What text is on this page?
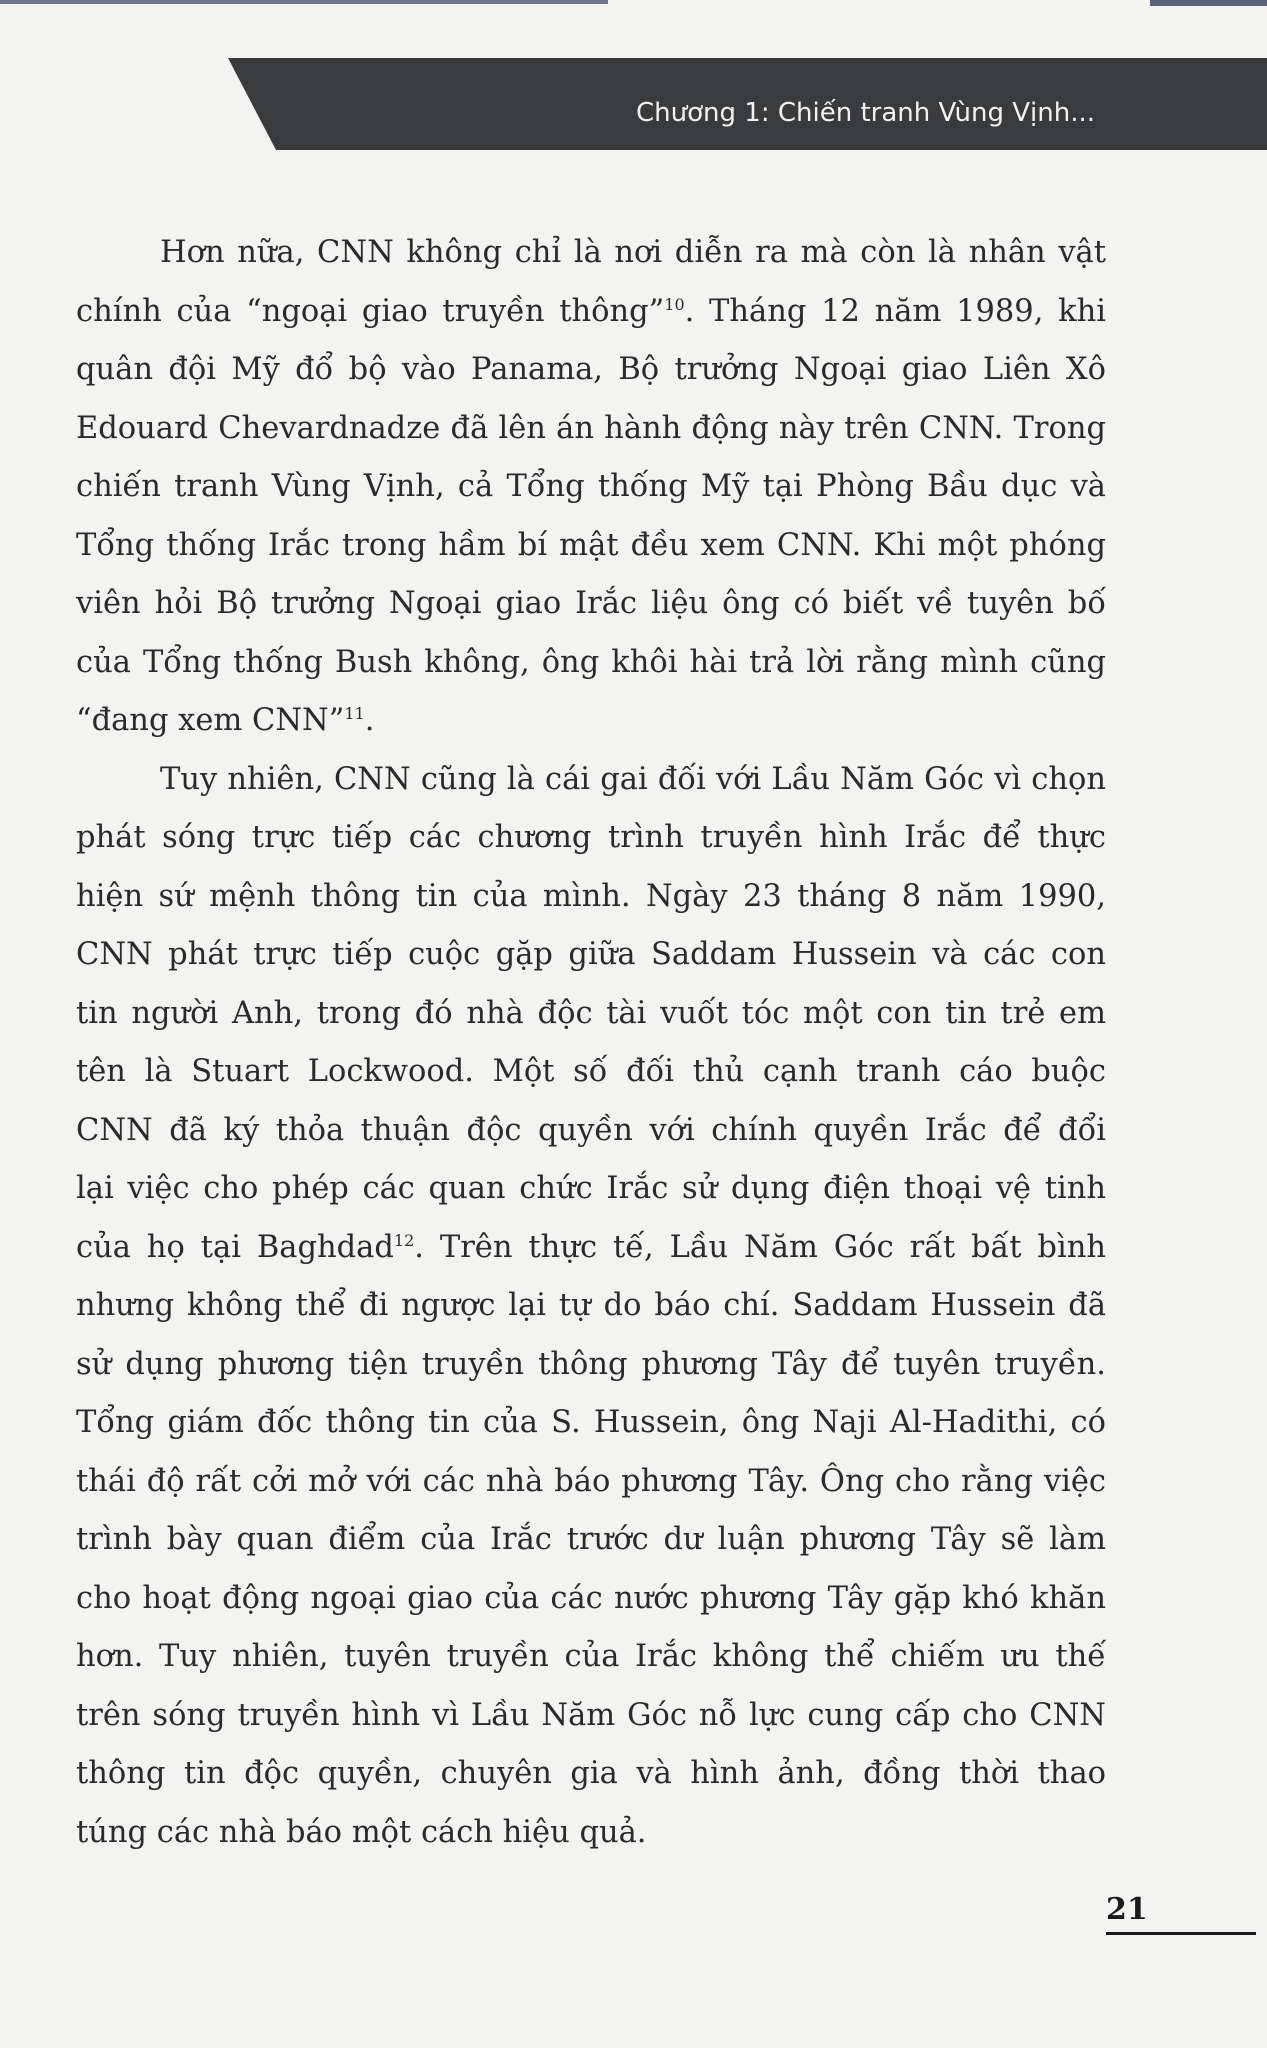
Chương 1: Chiến tranh Vùng Vịnh...
Hơn nữa, CNN không chỉ là nơi diễn ra mà còn là nhân vật
chính của “ngoại giao truyền thông”$^{10}$. Tháng 12 năm 1989, khi
quân đội Mỹ đổ bộ vào Panama, Bộ trưởng Ngoại giao Liên Xô
Edouard Chevardnadze đã lên án hành động này trên CNN. Trong
chiến tranh Vùng Vịnh, cả Tổng thống Mỹ tại Phòng Bầu dục và
Tổng thống Irắc trong hầm bí mật đều xem CNN. Khi một phóng
viên hỏi Bộ trưởng Ngoại giao Irắc liệu ông có biết về tuyên bố
của Tổng thống Bush không, ông khôi hài trả lời rằng mình cũng
“đang xem CNN”$^{11}$.
Tuy nhiên, CNN cũng là cái gai đối với Lầu Năm Góc vì chọn
phát sóng trực tiếp các chương trình truyền hình Irắc để thực
hiện sứ mệnh thông tin của mình. Ngày 23 tháng 8 năm 1990,
CNN phát trực tiếp cuộc gặp giữa Saddam Hussein và các con
tin người Anh, trong đó nhà độc tài vuốt tóc một con tin trẻ em
tên là Stuart Lockwood. Một số đối thủ cạnh tranh cáo buộc
CNN đã ký thỏa thuận độc quyền với chính quyền Irắc để đổi
lại việc cho phép các quan chức Irắc sử dụng điện thoại vệ tinh
của họ tại Baghdad$^{12}$. Trên thực tế, Lầu Năm Góc rất bất bình
nhưng không thể đi ngược lại tự do báo chí. Saddam Hussein đã
sử dụng phương tiện truyền thông phương Tây để tuyên truyền.
Tổng giám đốc thông tin của S. Hussein, ông Naji Al-Hadithi, có
thái độ rất cởi mở với các nhà báo phương Tây. Ông cho rằng việc
trình bày quan điểm của Irắc trước dư luận phương Tây sẽ làm
cho hoạt động ngoại giao của các nước phương Tây gặp khó khăn
hơn. Tuy nhiên, tuyên truyền của Irắc không thể chiếm ưu thế
trên sóng truyền hình vì Lầu Năm Góc nỗ lực cung cấp cho CNN
thông tin độc quyền, chuyên gia và hình ảnh, đồng thời thao
túng các nhà báo một cách hiệu quả.
21
